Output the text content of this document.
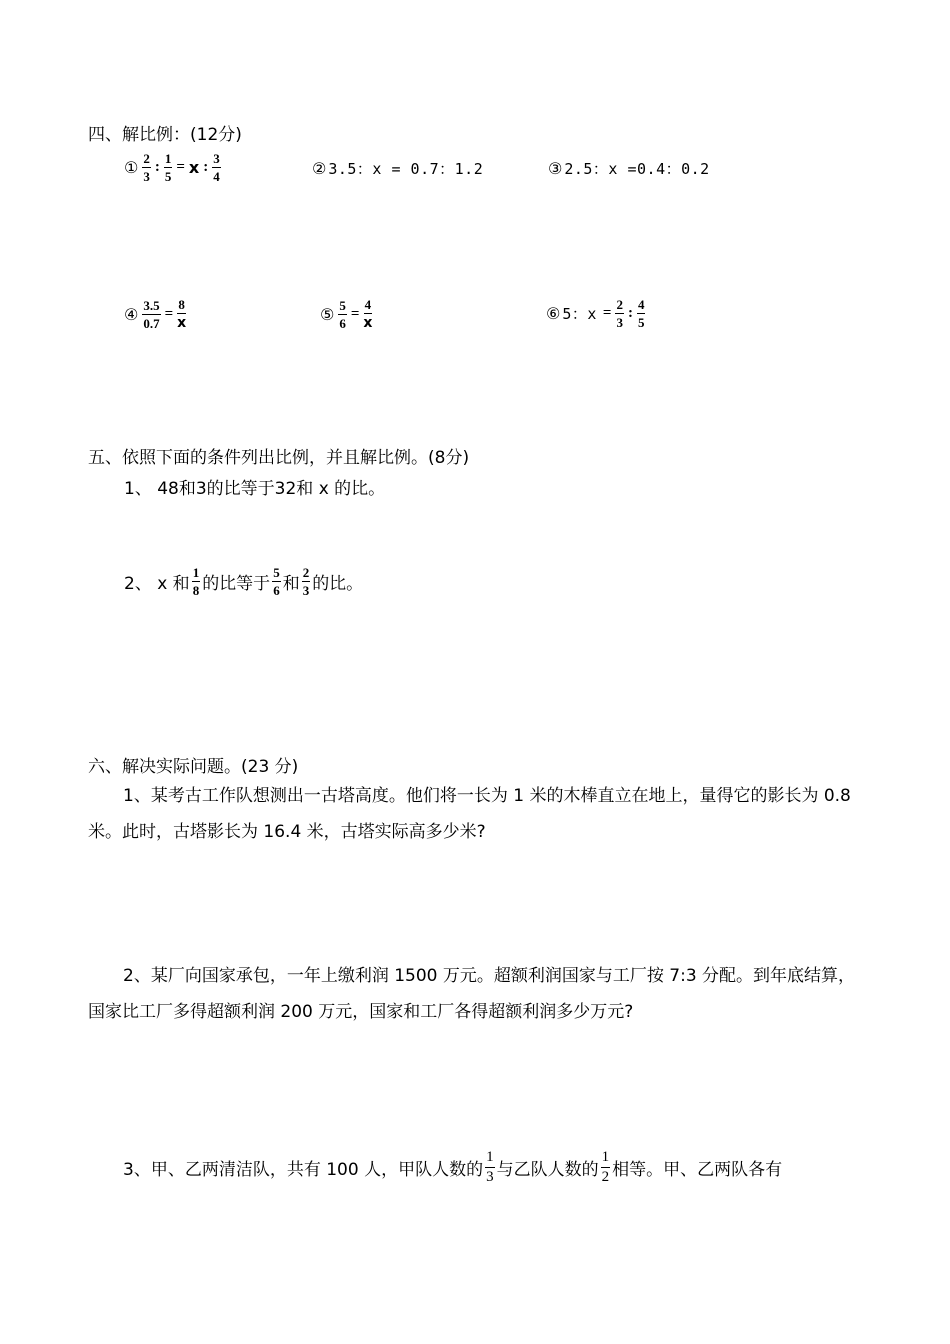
四、解比例：(12分)
① $\frac{2}{3}$ : $\frac{1}{5} = x$ : $\frac{3}{4}$	② 3.5：x = 0.7：1.2	③ 2.5：x =0.4：0.2
④ $\frac{3.5}{0.7} = \frac{8}{x}$	⑤ $\frac{5}{6} = \frac{4}{x}$	⑥ 5：$x = \frac{2}{3}$ : $\frac{4}{5}$
五、依照下面的条件列出比例，并且解比例。(8分)
1、 48和3的比等于32和 x 的比。
2、 x 和 $\frac{1}{8}$ 的比等于 $\frac{5}{6}$ 和 $\frac{2}{3}$ 的比。
六、解决实际问题。(23 分)
1、某考古工作队想测出一古塔高度。他们将一长为 1 米的木棒直立在地上，量得它的影长为 0.8 米。此时，古塔影长为 16.4 米，古塔实际高多少米?
2、某厂向国家承包，一年上缴利润 1500 万元。超额利润国家与工厂按 7:3 分配。到年底结算，国家比工厂多得超额利润 200 万元，国家和工厂各得超额利润多少万元?
3、甲、乙两清洁队，共有 100 人，甲队人数的 $\frac{1}{3}$ 与乙队人数的 $\frac{1}{2}$ 相等。甲、乙两队各有
